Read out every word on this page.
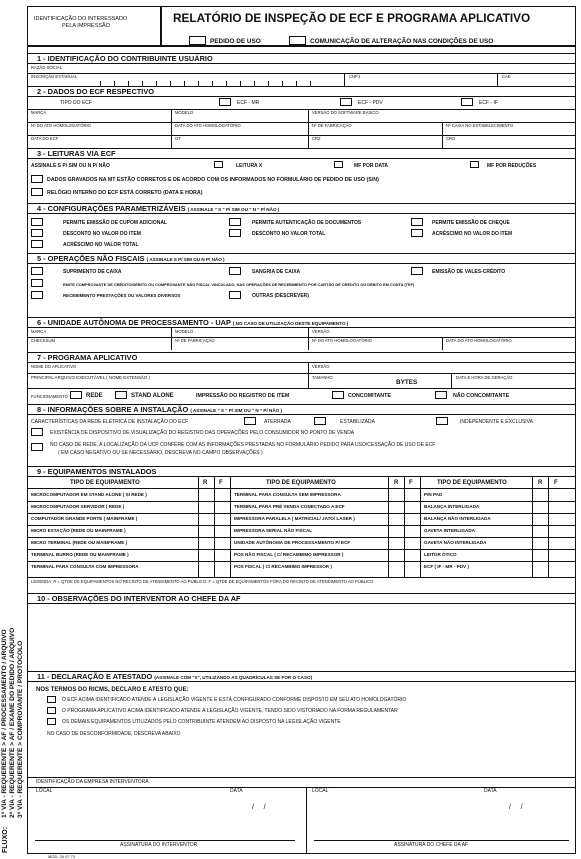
IDENTIFICAÇÃO DO INTERESSADO
PELA IMPRESSÃO
RELATÓRIO DE INSPEÇÃO DE ECF E PROGRAMA APLICATIVO
PEDIDO DE USO	COMUNICAÇÃO DE ALTERAÇÃO NAS CONDIÇÕES DE USO
1 - IDENTIFICAÇÃO DO CONTRIBUINTE USUÁRIO
RAZÃO SOCIAL
INSCRIÇÃO ESTADUAL	CNPJ	CAE
2 - DADOS DO ECF RESPECTIVO
TIPO DO ECF	ECF - MR	ECF - PDV	ECF - IF
MARCA	MODELO	VERSÃO DO SOFTWARE BÁSICO
Nº DO ATO HOMOLOGATÓRIO	DATA DO ATO HOMOLOGATÓRIO	Nº DE FABRICAÇÃO	Nº CAIXA NO ESTABELECIMENTO
DATA DO ECF	GT	CRZ	CRO
3 - LEITURAS VIA ECF
ASSINALE S P/ SIM OU N P/ NÃO	LEITURA X	MF POR DATA	MF POR REDUÇÕES
DADOS GRAVADOS NA MT ESTÃO CORRETOS E DE ACORDO COM OS INFORMADOS NO FORMULÁRIO DE PEDIDO DE USO (S/N)
RELÓGIO INTERNO DO ECF ESTÁ CORRETO (DATA E HORA)
4 - CONFIGURAÇÕES PARAMETRIZÁVEIS ( ASSINALE " S " P/ SIM OU " N " P/ NÃO )
PERMITE EMISSÃO DE CUPOM ADICIONAL	PERMITE AUTENTICAÇÃO DE DOCUMENTOS	PERMITE EMISSÃO DE CHEQUE
DESCONTO NO VALOR DO ITEM	DESCONTO NO VALOR TOTAL	ACRÉSCIMO NO VALOR DO ITEM
ACRÉSCIMO NO VALOR TOTAL
5 - OPERAÇÕES NÃO FISCAIS ( ASSINALE S P/ SIM OU N P/ NÃO )
SUPRIMENTO DE CAIXA	SANGRIA DE CAIXA	EMISSÃO DE VALES-CRÉDITO
EMITE COMPROVANTE DE CRÉDITO/DÉBITO OU COMPROVANTE NÃO FISCAL VINCULADO, NAS OPERAÇÕES DE RECEBIMENTO POR CARTÃO DE CRÉDITO OU DÉBITO EM CONTA (TEF)
RECEBIMENTO PRESTAÇÕES OU VALORES DIVERSOS	OUTRAS (DESCREVER)
6 - UNIDADE AUTÔNOMA DE PROCESSAMENTO - UAP ( NO CASO DE UTILIZAÇÃO DESTE EQUIPAMENTO )
MARCA	MODELO	VERSÃO
CHECKSUM	Nº DE FABRICAÇÃO	Nº DO ATO HOMOLOGATÓRIO	DATA DO ATO HOMOLOGATÓRIO
7 - PROGRAMA APLICATIVO
NOME DO APLICATIVO	VERSÃO
PRINCIPAL ARQUIVO EXECUTÁVEL ( NOME EXTENSÃO )	TAMANHO
BYTES
DATA E HORA DE GERAÇÃO
FUNCIONAMENTO	REDE	STAND ALONE	IMPRESSÃO DO REGISTRO DE ITEM	CONCOMITANTE	NÃO CONCOMITANTE
8 - INFORMAÇÕES SOBRE A INSTALAÇÃO ( ASSINALE " S " P/ SIM OU " N " P/ NÃO )
CARACTERÍSTICAS DA REDE ELÉTRICA DE INSTALAÇÃO DO ECF	ATERRADA	ESTABILIZADA	INDEPENDENTE E EXCLUSIVA
EXISTÊNCIA DE DISPOSITIVO DE VISUALIZAÇÃO DO REGISTRO DAS OPERAÇÕES PELO CONSUMIDOR NO PONTO DE VENDA
NO CASO DE REDE, A LOCALIZAÇÃO DA UCP CONFERE COM AS INFORMAÇÕES PRESTADAS NO FORMULÁRIO PEDIDO PARA USO/CESSAÇÃO DE USO DE ECF
( EM CASO NEGATIVO OU SE NECESSÁRIO, DESCREVA NO CAMPO OBSERVAÇÕES )
9 - EQUIPAMENTOS INSTALADOS
TIPO DE EQUIPAMENTO	R F	TIPO DE EQUIPAMENTO	R F	TIPO DE EQUIPAMENTO	R F
MICROCOMPUTADOR EM STAND ALONE ( SI REDE )	TERMINAL PARA CONSULTA SEM IMPRESSORA	PIN PAD
MICROCOMPUTADOR SERVIDOR ( REDE )	TERMINAL PARA PRÉ VENDA CONECTADO A ECF	BALANÇA INTERLIGADA
COMPUTADOR GRANDE PORTE ( MAINFRAME )	IMPRESSORA PARALELA ( MATRICIAL/ JATO/ LASER )	BALANÇA NÃO INTERLIGADA
MICRO ESTAÇÃO (REDE OU MAINFRAME )	IMPRESSORA SERIAL NÃO FISCAL	GAVETA INTERLIGADA
MICRO TERMINAL (REDE OU MAINFRAME )	UNIDADE AUTÔNOMA DE PROCESSAMENTO P/ ECF	GAVETA NÃO INTERLIGADA
TERMINAL BURRO (REDE OU MAINFRAME )	POS NÃO FISCAL ( C/ RECAMBIMO IMPRESSOR )	LEITOR ÓTICO
TERMINAL PARA CONSULTA COM IMPRESSORA	POS FISCAL ( C/ RECAMBIMO IMPRESSOR )	ECF ( IF - MR - PDV )
LEGENDA: R = QTDE DE EQUIPAMENTOS NO RECINTO DE ATENDIMENTO AO PÚBLICO. F = QTDE DE EQUIPAMENTOS FORA DO RECINTO DE ATENDIMENTO AO PÚBLICO
10 - OBSERVAÇÕES DO INTERVENTOR AO CHEFE DA AF
11 - DECLARAÇÃO E ATESTADO (ASSINALE COM "X", UTILIZANDO AS QUADRÍCULAS SE FOR O CASO)
NOS TERMOS DO RICMS, DECLARO E ATESTO QUE:
O ECF ACIMA IDENTIFICADO ATENDE À LEGISLAÇÃO VIGENTE E ESTÁ CONFIGURADO CONFORME DISPOSTO EM SEU ATO HOMOLOGATÓRIO
O PROGRAMA APLICATIVO ACIMA IDENTIFICADO ATENDE À LEGISLAÇÃO VIGENTE, TENDO SIDO VISTORIADO NA FORMA REGULAMENTAR
OS DEMAIS EQUIPAMENTOS UTILIZADOS PELO CONTRIBUINTE ATENDEM AO DISPOSTO NA LEGISLAÇÃO VIGENTE
NO CASO DE DESCONFORMIDADE, DESCREVA ABAIXO
IDENTIFICAÇÃO DA EMPRESA INTERVENTORA
LOCAL	DATA	LOCAL	DATA
/     /	/     /
ASSINATURA DO INTERVENTOR	ASSINATURA DO CHEFE DA AF
MOD. 26 07 73
FLUXO:
1ª VIA - REQUERENTE > AF / PROCESSAMENTO / ARQUIVO 2ª VIA - REQUERENTE > AF / EXAME DO PEDIDO / ARQUIVO 3ª VIA - REQUERENTE > COMPROVANTE / PROTOCOLO
